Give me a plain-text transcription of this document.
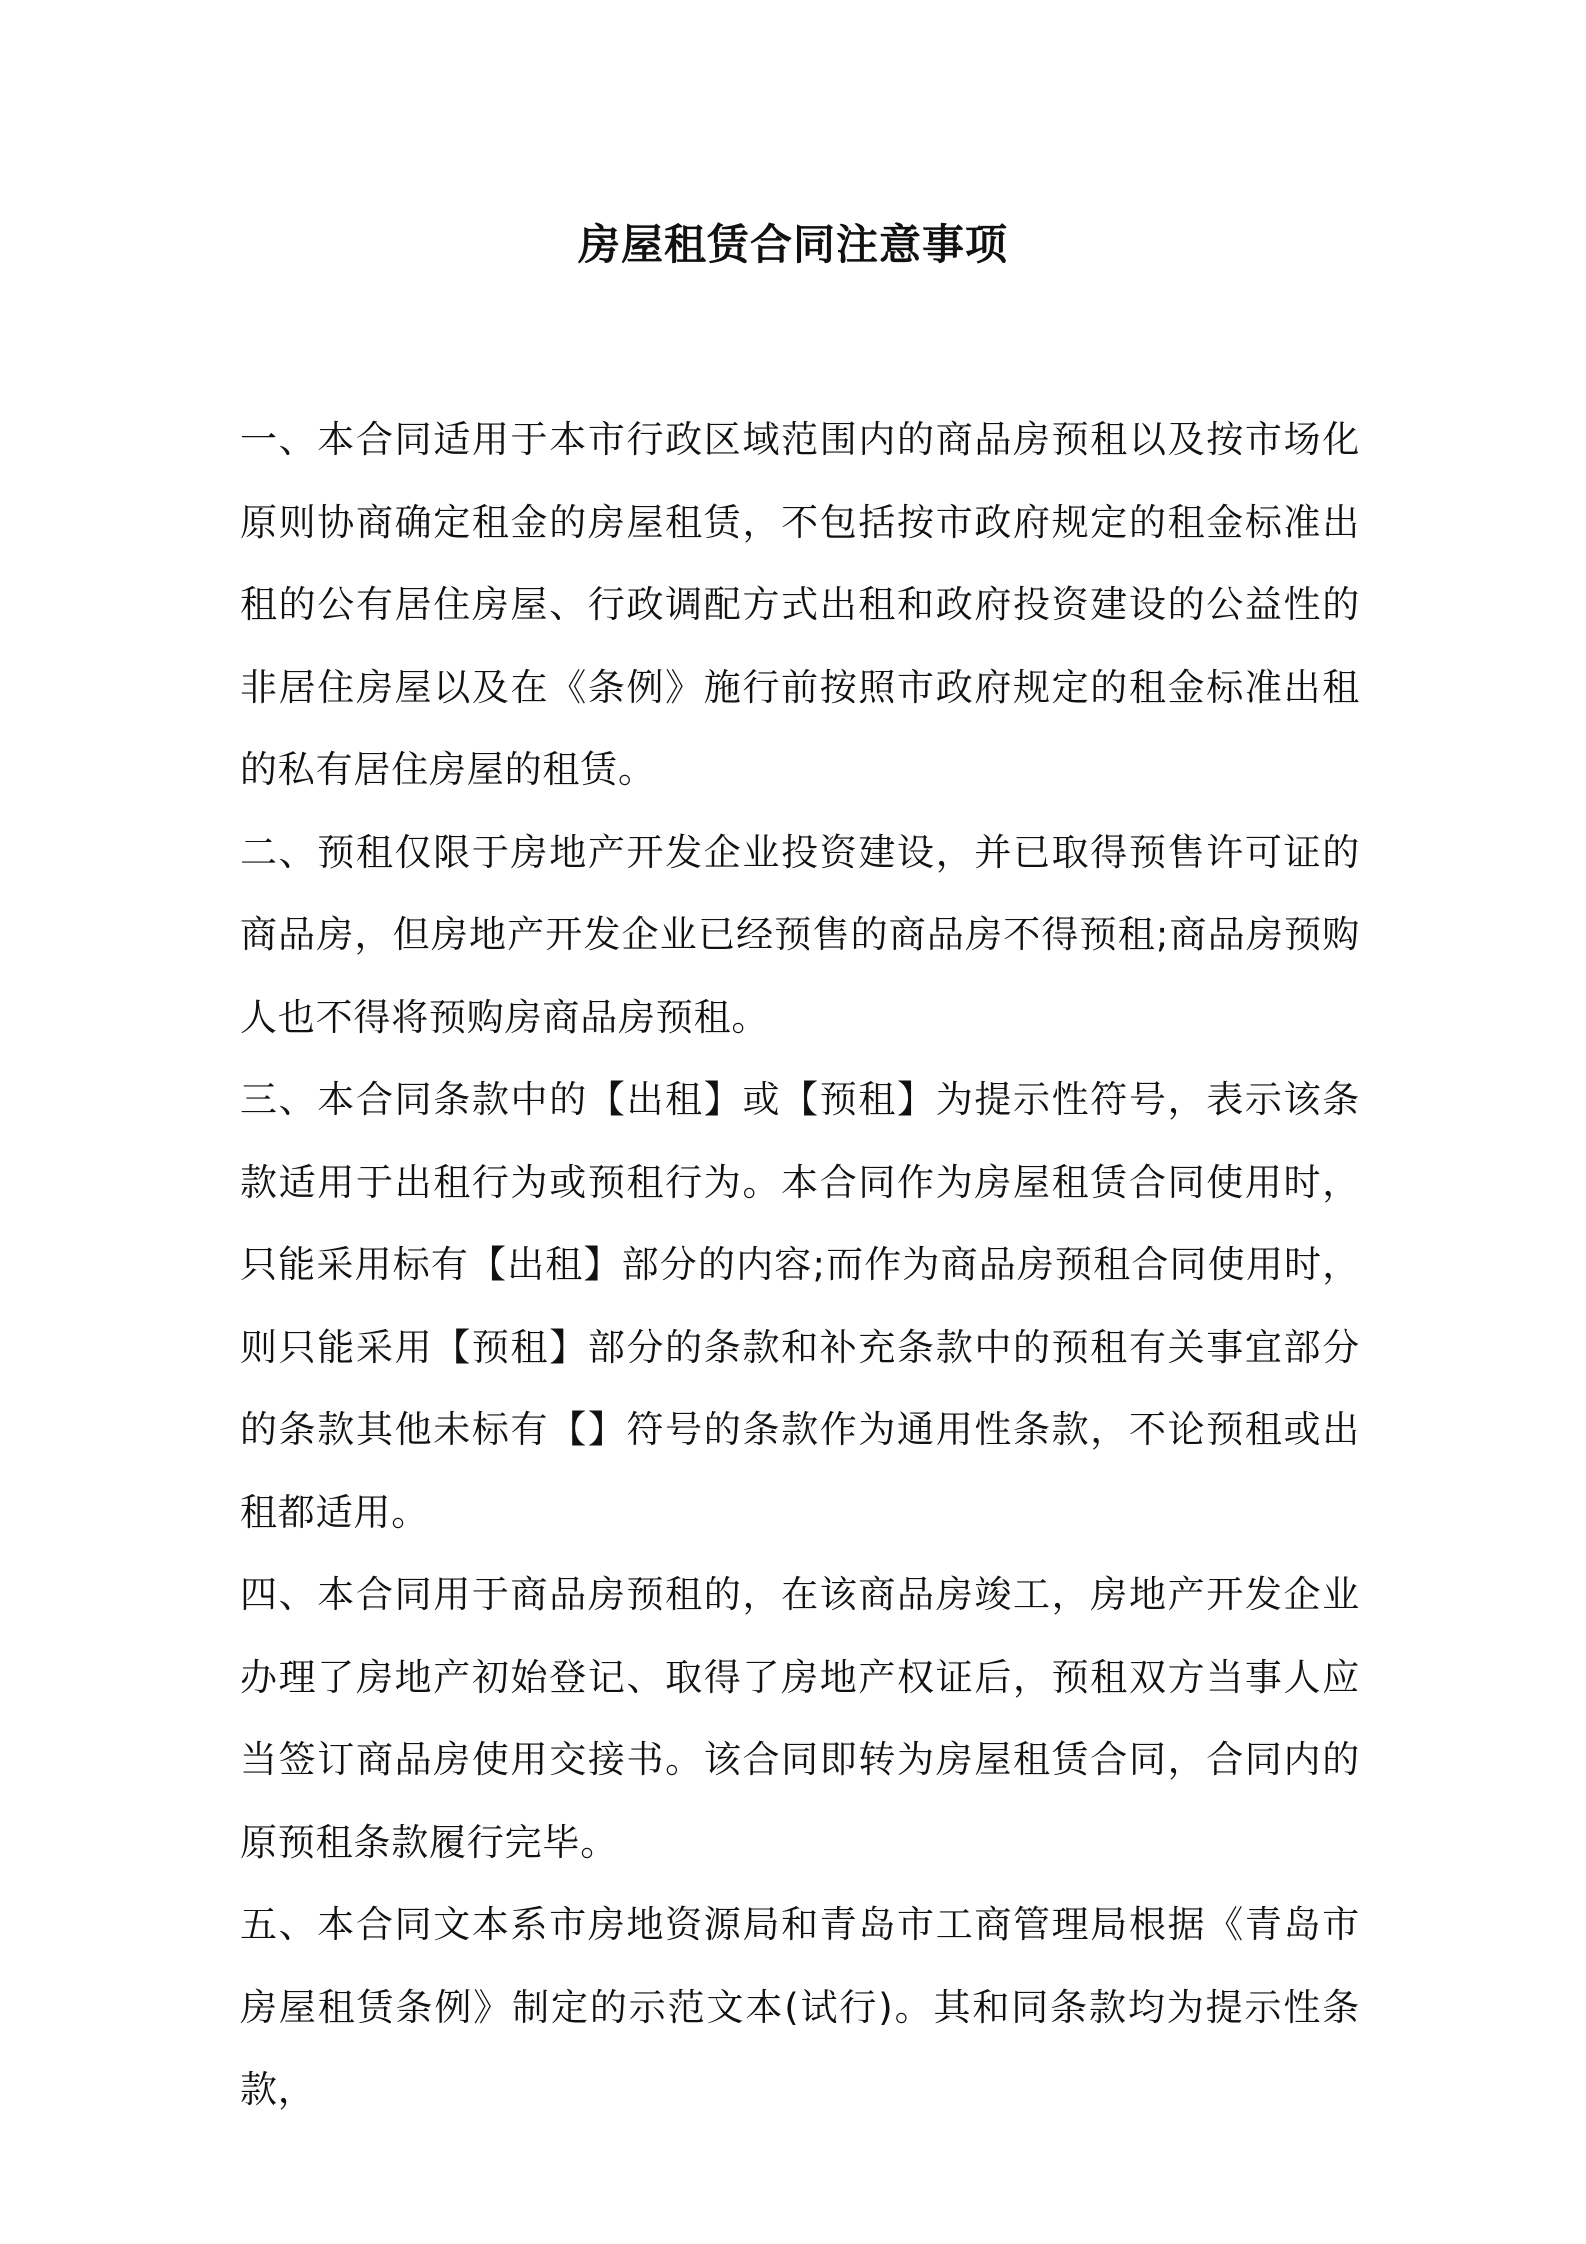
房屋租赁合同注意事项

一、本合同适用于本市行政区域范围内的商品房预租以及按市场化原则协商确定租金的房屋租赁，不包括按市政府规定的租金标准出租的公有居住房屋、行政调配方式出租和政府投资建设的公益性的非居住房屋以及在《条例》施行前按照市政府规定的租金标准出租的私有居住房屋的租赁。

二、预租仅限于房地产开发企业投资建设，并已取得预售许可证的商品房，但房地产开发企业已经预售的商品房不得预租;商品房预购人也不得将预购房商品房预租。

三、本合同条款中的【出租】或【预租】为提示性符号，表示该条款适用于出租行为或预租行为。本合同作为房屋租赁合同使用时，只能采用标有【出租】部分的内容;而作为商品房预租合同使用时，则只能采用【预租】部分的条款和补充条款中的预租有关事宜部分的条款其他未标有【】符号的条款作为通用性条款，不论预租或出租都适用。

四、本合同用于商品房预租的，在该商品房竣工，房地产开发企业办理了房地产初始登记、取得了房地产权证后，预租双方当事人应当签订商品房使用交接书。该合同即转为房屋租赁合同，合同内的原预租条款履行完毕。

五、本合同文本系市房地资源局和青岛市工商管理局根据《青岛市房屋租赁条例》制定的示范文本(试行)。其和同条款均为提示性条款，
